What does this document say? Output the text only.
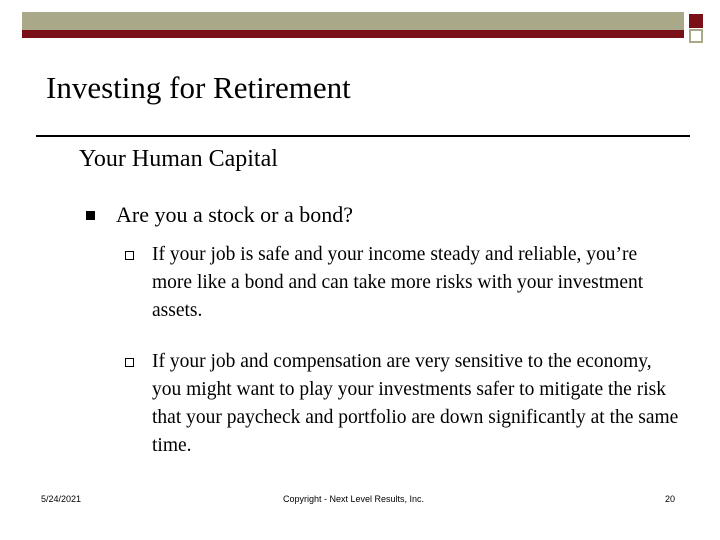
Investing for Retirement
Your Human Capital
Are you a stock or a bond?
If your job is safe and your income steady and reliable, you’re more like a bond and can take more risks with your investment assets.
If your job and compensation are very sensitive to the economy, you might want to play your investments safer to mitigate the risk that your paycheck and portfolio are down significantly at the same time.
5/24/2021	Copyright - Next Level Results, Inc.	20
